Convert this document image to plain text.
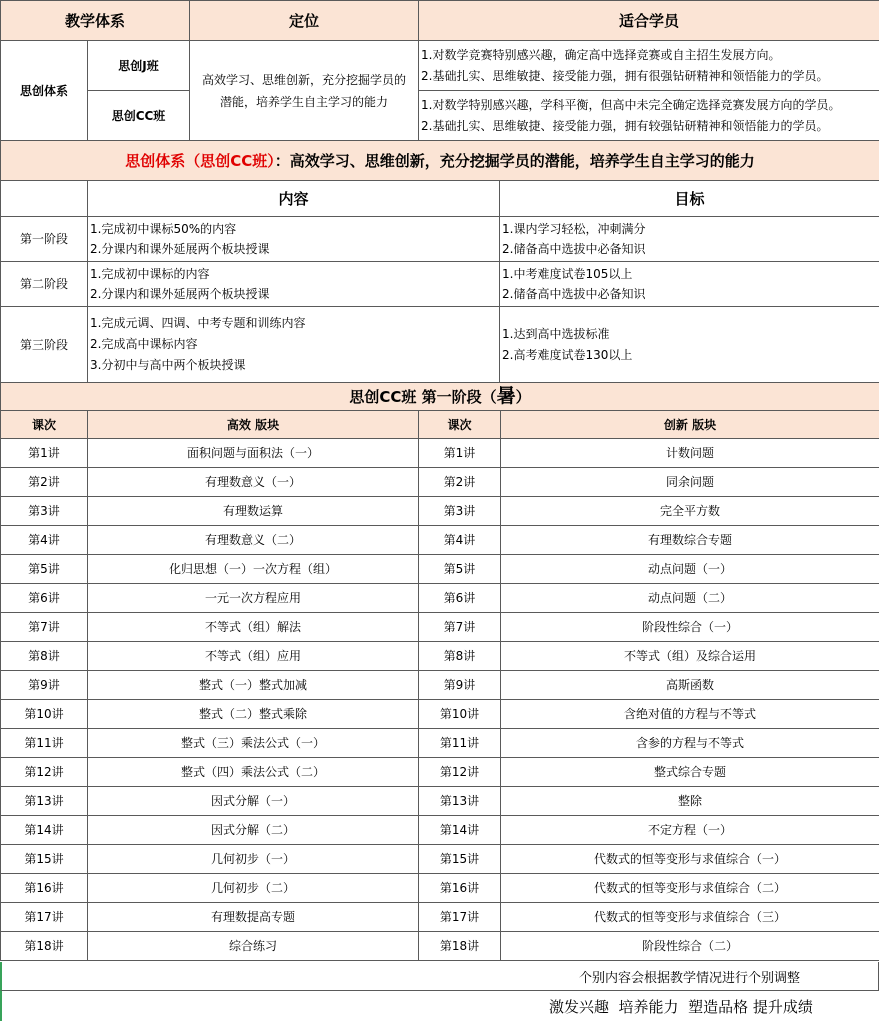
教学体系		定位	适合学员
思创体系	思创J班	高效学习、思维创新，充分挖掘学员的
潜能，培养学生自主学习的能力	1.对数学竞赛特别感兴趣，确定高中选择竞赛或自主招生发展方向。
2.基础扎实、思维敏捷、接受能力强，拥有很强钻研精神和领悟能力的学员。

	思创CC班		1.对数学特别感兴趣，学科平衡，但高中未完全确定选择竞赛发展方向的学员。
2.基础扎实、思维敏捷、接受能力强，拥有较强钻研精神和领悟能力的学员。

思创体系（思创CC班）：高效学习、思维创新，充分挖掘学员的潜能，培养学生自主学习的能力			
	内容	目标
第一阶段	1.完成初中课标50%的内容
2.分课内和课外延展两个板块授课	1.课内学习轻松，冲刺满分
2.储备高中选拔中必备知识

第二阶段	1.完成初中课标的内容
2.分课内和课外延展两个板块授课	1.中考难度试卷105以上
2.储备高中选拔中必备知识

第三阶段	1.完成元调、四调、中考专题和训练内容
2.完成高中课标内容
3.分初中与高中两个板块授课	1.达到高中选拔标准
2.高考难度试卷130以上
思创CC班 第一阶段（暑）			
课次	高效 版块	课次	创新 版块
第1讲	面积问题与面积法（一）	第1讲	计数问题
第2讲	有理数意义（一）	第2讲	同余问题
第3讲	有理数运算	第3讲	完全平方数
第4讲	有理数意义（二）	第4讲	有理数综合专题
第5讲	化归思想（一）一次方程（组）	第5讲	动点问题（一）
第6讲	一元一次方程应用	第6讲	动点问题（二）
第7讲	不等式（组）解法	第7讲	阶段性综合（一）
第8讲	不等式（组）应用	第8讲	不等式（组）及综合运用
第9讲	整式（一）整式加减	第9讲	高斯函数
第10讲	整式（二）整式乘除	第10讲	含绝对值的方程与不等式
第11讲	整式（三）乘法公式（一）	第11讲	含参的方程与不等式
第12讲	整式（四）乘法公式（二）	第12讲	整式综合专题
第13讲	因式分解（一）	第13讲	整除
第14讲	因式分解（二）	第14讲	不定方程（一）
第15讲	几何初步（一）	第15讲	代数式的恒等变形与求值综合（一）
第16讲	几何初步（二）	第16讲	代数式的恒等变形与求值综合（二）
第17讲	有理数提高专题	第17讲	代数式的恒等变形与求值综合（三）
第18讲	综合练习	第18讲	阶段性综合（二）
个别内容会根据教学情况进行个别调整
激发兴趣  培养能力  塑造品格 提升成绩
